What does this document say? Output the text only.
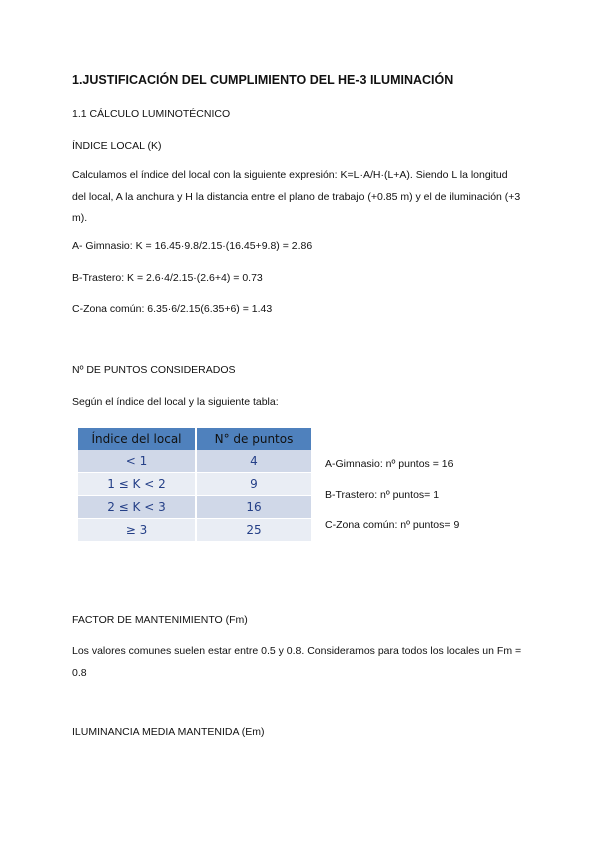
1.JUSTIFICACIÓN DEL CUMPLIMIENTO DEL HE-3 ILUMINACIÓN

1.1 CÁLCULO LUMINOTÉCNICO

ÍNDICE LOCAL (K)

Calculamos el índice del local con la siguiente expresión: K=L·A/H·(L+A). Siendo L la longitud del local, A la anchura y H la distancia entre el plano de trabajo (+0.85 m) y el de iluminación (+3 m).

A- Gimnasio: K = 16.45·9.8/2.15·(16.45+9.8) = 2.86

B-Trastero: K = 2.6·4/2.15·(2.6+4) = 0.73

C-Zona común: 6.35·6/2.15(6.35+6) = 1.43

Nº DE PUNTOS CONSIDERADOS

Según el índice del local y la siguiente tabla:

Índice del local	N° de puntos
< 1	4
1 ≤ K < 2	9
2 ≤ K < 3	16
≥ 3	25
A-Gimnasio: nº puntos = 16
B-Trastero: nº puntos= 1
C-Zona común: nº puntos= 9

FACTOR DE MANTENIMIENTO (Fm)

Los valores comunes suelen estar entre 0.5 y 0.8. Consideramos para todos los locales un Fm = 0.8

ILUMINANCIA MEDIA MANTENIDA (Em)
